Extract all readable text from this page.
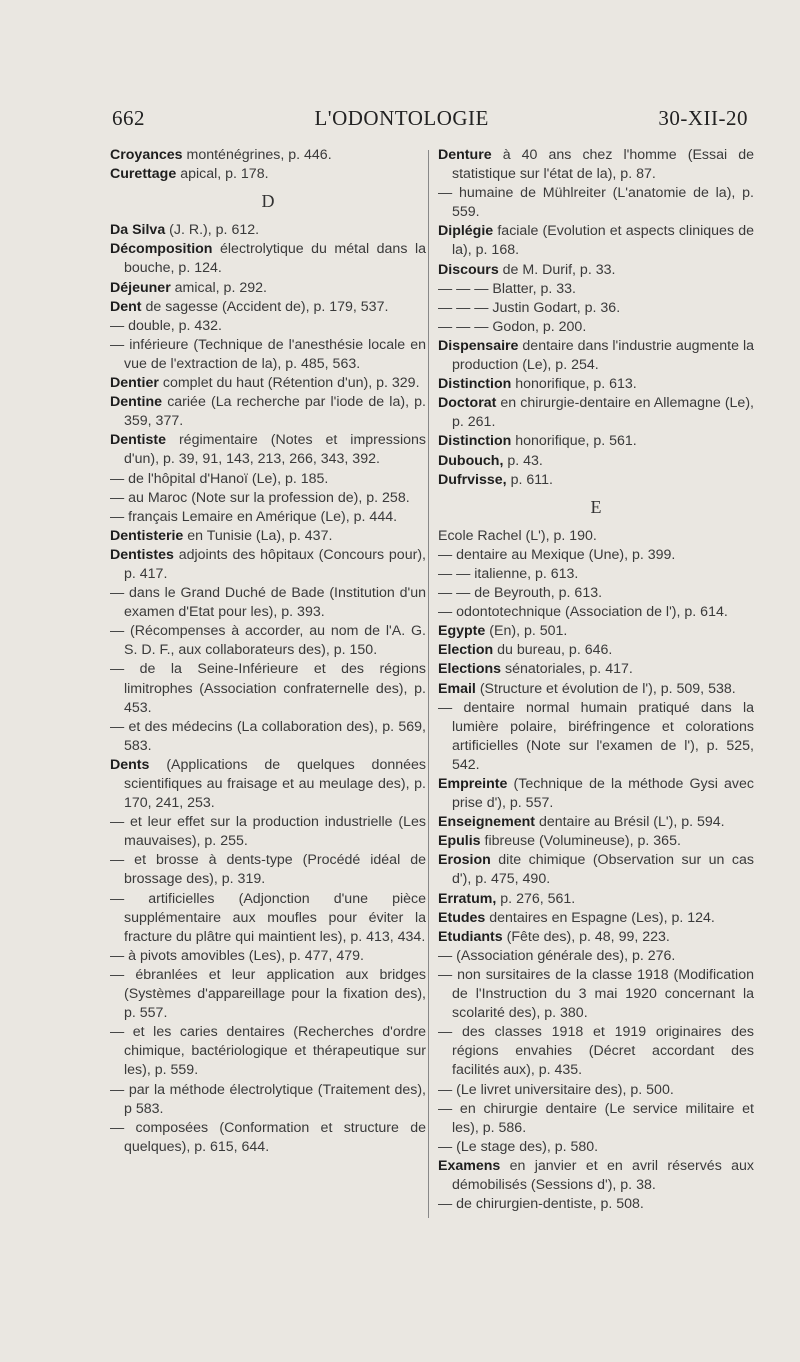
662	L'ODONTOLOGIE	30-XII-20

Croyances monténégrines, p. 446.

Curettage apical, p. 178.

D

Da Silva (J. R.), p. 612.

Décomposition électrolytique du métal dans la bouche, p. 124.

Déjeuner amical, p. 292.

Dent de sagesse (Accident de), p. 179, 537.

— double, p. 432.

— inférieure (Technique de l'anesthésie locale en vue de l'extraction de la), p. 485, 563.

Dentier complet du haut (Rétention d'un), p. 329.

Dentine cariée (La recherche par l'iode de la), p. 359, 377.

Dentiste régimentaire (Notes et impressions d'un), p. 39, 91, 143, 213, 266, 343, 392.

— de l'hôpital d'Hanoï (Le), p. 185.

— au Maroc (Note sur la profession de), p. 258.

— français Lemaire en Amérique (Le), p. 444.

Dentisterie en Tunisie (La), p. 437.

Dentistes adjoints des hôpitaux (Concours pour), p. 417.

— dans le Grand Duché de Bade (Institution d'un examen d'Etat pour les), p. 393.

— (Récompenses à accorder, au nom de l'A. G. S. D. F., aux collaborateurs des), p. 150.

— de la Seine-Inférieure et des régions limitrophes (Association confraternelle des), p. 453.

— et des médecins (La collaboration des), p. 569, 583.

Dents (Applications de quelques données scientifiques au fraisage et au meulage des), p. 170, 241, 253.

— et leur effet sur la production industrielle (Les mauvaises), p. 255.

— et brosse à dents-type (Procédé idéal de brossage des), p. 319.

— artificielles (Adjonction d'une pièce supplémentaire aux moufles pour éviter la fracture du plâtre qui maintient les), p. 413, 434.

— à pivots amovibles (Les), p. 477, 479.

— ébranlées et leur application aux bridges (Systèmes d'appareillage pour la fixation des), p. 557.

— et les caries dentaires (Recherches d'ordre chimique, bactériologique et thérapeutique sur les), p. 559.

— par la méthode électrolytique (Traitement des), p 583.

— composées (Conformation et structure de quelques), p. 615, 644.

Denture à 40 ans chez l'homme (Essai de statistique sur l'état de la), p. 87.

— humaine de Mühlreiter (L'anatomie de la), p. 559.

Diplégie faciale (Evolution et aspects cliniques de la), p. 168.

Discours de M. Durif, p. 33.

— — — Blatter, p. 33.

— — — Justin Godart, p. 36.

— — — Godon, p. 200.

Dispensaire dentaire dans l'industrie augmente la production (Le), p. 254.

Distinction honorifique, p. 613.

Doctorat en chirurgie-dentaire en Allemagne (Le), p. 261.

Distinction honorifique, p. 561.

Dubouch, p. 43.

Dufrvisse, p. 611.

E

Ecole Rachel (L'), p. 190.

— dentaire au Mexique (Une), p. 399.

— — italienne, p. 613.

— — de Beyrouth, p. 613.

— odontotechnique (Association de l'), p. 614.

Egypte (En), p. 501.

Election du bureau, p. 646.

Elections sénatoriales, p. 417.

Email (Structure et évolution de l'), p. 509, 538.

— dentaire normal humain pratiqué dans la lumière polaire, biréfringence et colorations artificielles (Note sur l'examen de l'), p. 525, 542.

Empreinte (Technique de la méthode Gysi avec prise d'), p. 557.

Enseignement dentaire au Brésil (L'), p. 594.

Epulis fibreuse (Volumineuse), p. 365.

Erosion dite chimique (Observation sur un cas d'), p. 475, 490.

Erratum, p. 276, 561.

Etudes dentaires en Espagne (Les), p. 124.

Etudiants (Fête des), p. 48, 99, 223.

— (Association générale des), p. 276.

— non sursitaires de la classe 1918 (Modification de l'Instruction du 3 mai 1920 concernant la scolarité des), p. 380.

— des classes 1918 et 1919 originaires des régions envahies (Décret accordant des facilités aux), p. 435.

— (Le livret universitaire des), p. 500.

— en chirurgie dentaire (Le service militaire et les), p. 586.

— (Le stage des), p. 580.

Examens en janvier et en avril réservés aux démobilisés (Sessions d'), p. 38.

— de chirurgien-dentiste, p. 508.
